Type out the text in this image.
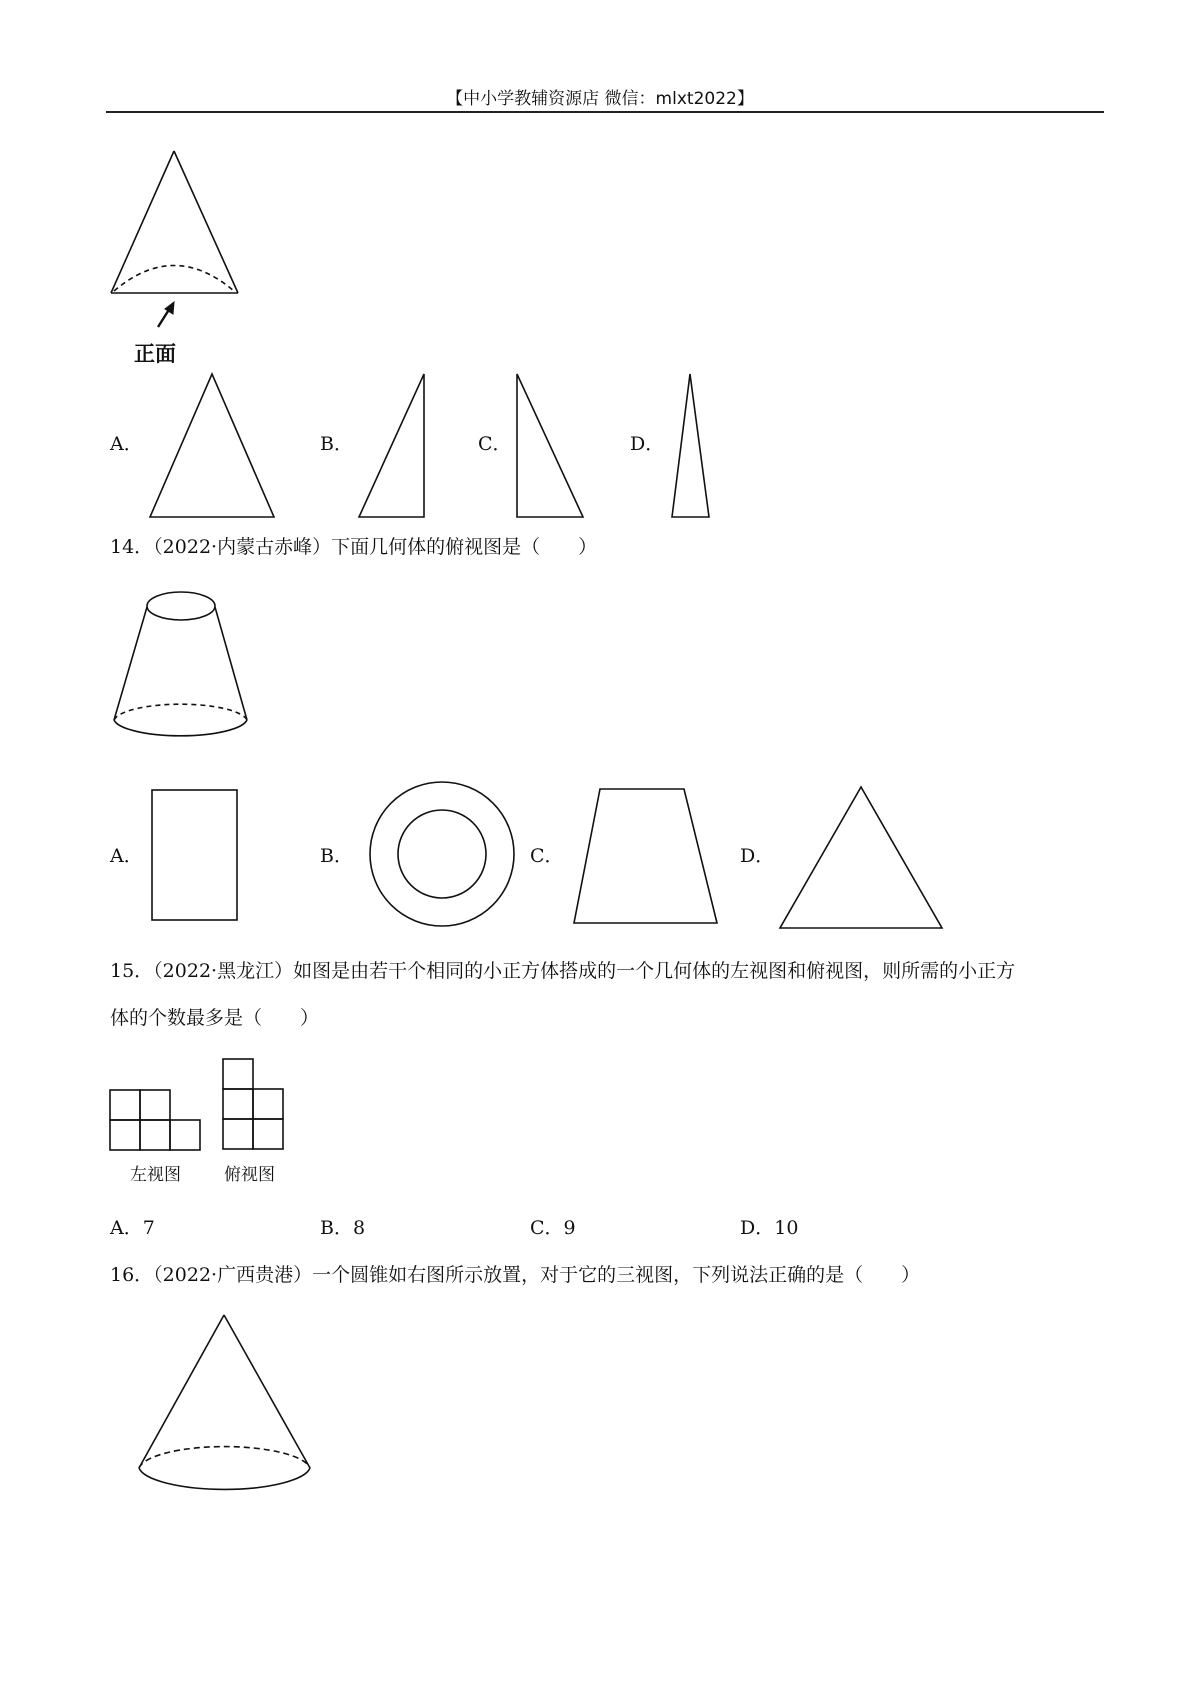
【中小学教辅资源店 微信：mlxt2022】
正面
A．	B．	C．	D．
14．（2022·内蒙古赤峰）下面几何体的俯视图是（　　）
A．	B．	C．	D．
15．（2022·黑龙江）如图是由若干个相同的小正方体搭成的一个几何体的左视图和俯视图，则所需的小正方
体的个数最多是（　　）
左视图	俯视图
A．7	B．8	C．9	D．10
16．（2022·广西贵港）一个圆锥如右图所示放置，对于它的三视图，下列说法正确的是（　　）
